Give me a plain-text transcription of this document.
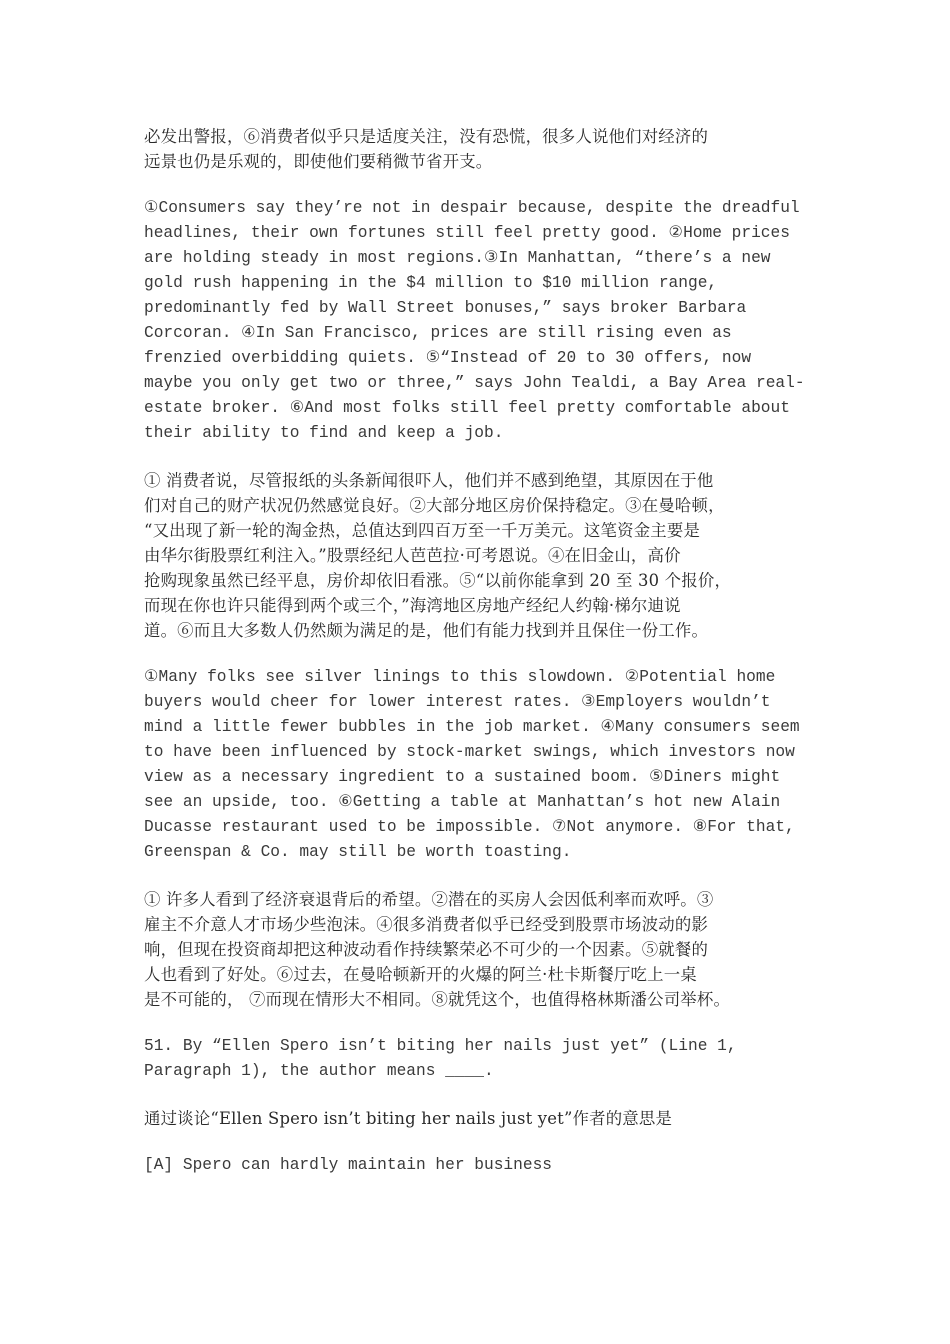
必发出警报，⑥消费者似乎只是适度关注，没有恐慌，很多人说他们对经济的
远景也仍是乐观的，即使他们要稍微节省开支。

①Consumers say they’re not in despair because, despite the dreadful
headlines, their own fortunes still feel pretty good. ②Home prices
are holding steady in most regions.③In Manhattan, “there’s a new
gold rush happening in the $4 million to $10 million range,
predominantly fed by Wall Street bonuses,” says broker Barbara
Corcoran. ④In San Francisco, prices are still rising even as
frenzied overbidding quiets. ⑤“Instead of 20 to 30 offers, now
maybe you only get two or three,” says John Tealdi, a Bay Area real-
estate broker. ⑥And most folks still feel pretty comfortable about
their ability to find and keep a job.

① 消费者说，尽管报纸的头条新闻很吓人，他们并不感到绝望，其原因在于他
们对自己的财产状况仍然感觉良好。②大部分地区房价保持稳定。③在曼哈顿，
“又出现了新一轮的淘金热，总值达到四百万至一千万美元。这笔资金主要是
由华尔街股票红利注入。”股票经纪人芭芭拉·可考恩说。④在旧金山，高价
抢购现象虽然已经平息，房价却依旧看涨。⑤“以前你能拿到 20 至 30 个报价，
而现在你也许只能得到两个或三个，”海湾地区房地产经纪人约翰·梯尔迪说
道。⑥而且大多数人仍然颇为满足的是，他们有能力找到并且保住一份工作。

①Many folks see silver linings to this slowdown. ②Potential home
buyers would cheer for lower interest rates. ③Employers wouldn’t
mind a little fewer bubbles in the job market. ④Many consumers seem
to have been influenced by stock-market swings, which investors now
view as a necessary ingredient to a sustained boom. ⑤Diners might
see an upside, too. ⑥Getting a table at Manhattan’s hot new Alain
Ducasse restaurant used to be impossible. ⑦Not anymore. ⑧For that,
Greenspan & Co. may still be worth toasting.

① 许多人看到了经济衰退背后的希望。②潜在的买房人会因低利率而欢呼。③
雇主不介意人才市场少些泡沫。④很多消费者似乎已经受到股票市场波动的影
响，但现在投资商却把这种波动看作持续繁荣必不可少的一个因素。⑤就餐的
人也看到了好处。⑥过去，在曼哈顿新开的火爆的阿兰·杜卡斯餐厅吃上一桌
是不可能的， ⑦而现在情形大不相同。⑧就凭这个，也值得格林斯潘公司举杯。

51. By “Ellen Spero isn’t biting her nails just yet” (Line 1,
Paragraph 1), the author means ____.

通过谈论“Ellen Spero isn’t biting her nails just yet”作者的意思是

[A] Spero can hardly maintain her business
